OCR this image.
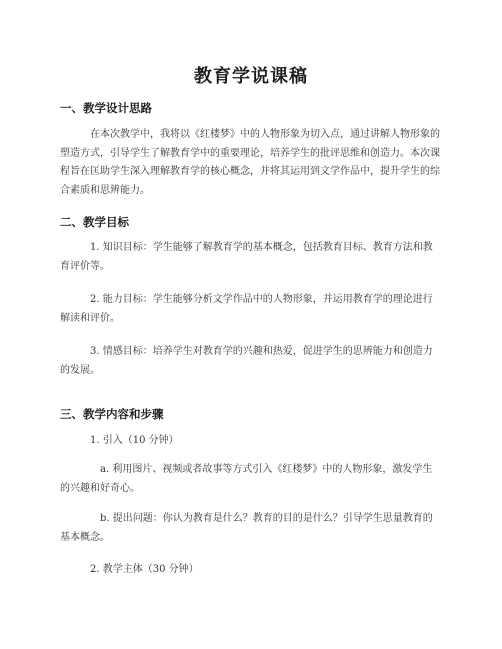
教育学说课稿
一、教学设计思路

在本次教学中，我将以《红楼梦》中的人物形象为切入点，通过讲解人物形象的塑造方式，引导学生了解教育学中的重要理论，培养学生的批评思维和创造力。本次课程旨在匡助学生深入理解教育学的核心概念，并将其运用到文学作品中，提升学生的综合素质和思辨能力。

二、教学目标

1. 知识目标：学生能够了解教育学的基本概念，包括教育目标、教育方法和教育评价等。

2. 能力目标：学生能够分析文学作品中的人物形象，并运用教育学的理论进行解读和评价。

3. 情感目标：培养学生对教育学的兴趣和热爱，促进学生的思辨能力和创造力的发展。

三、教学内容和步骤

1. 引入（10 分钟）

a. 利用图片、视频或者故事等方式引入《红楼梦》中的人物形象，激发学生的兴趣和好奇心。

b. 提出问题：你认为教育是什么？教育的目的是什么？引导学生思量教育的基本概念。

2. 教学主体（30 分钟）
